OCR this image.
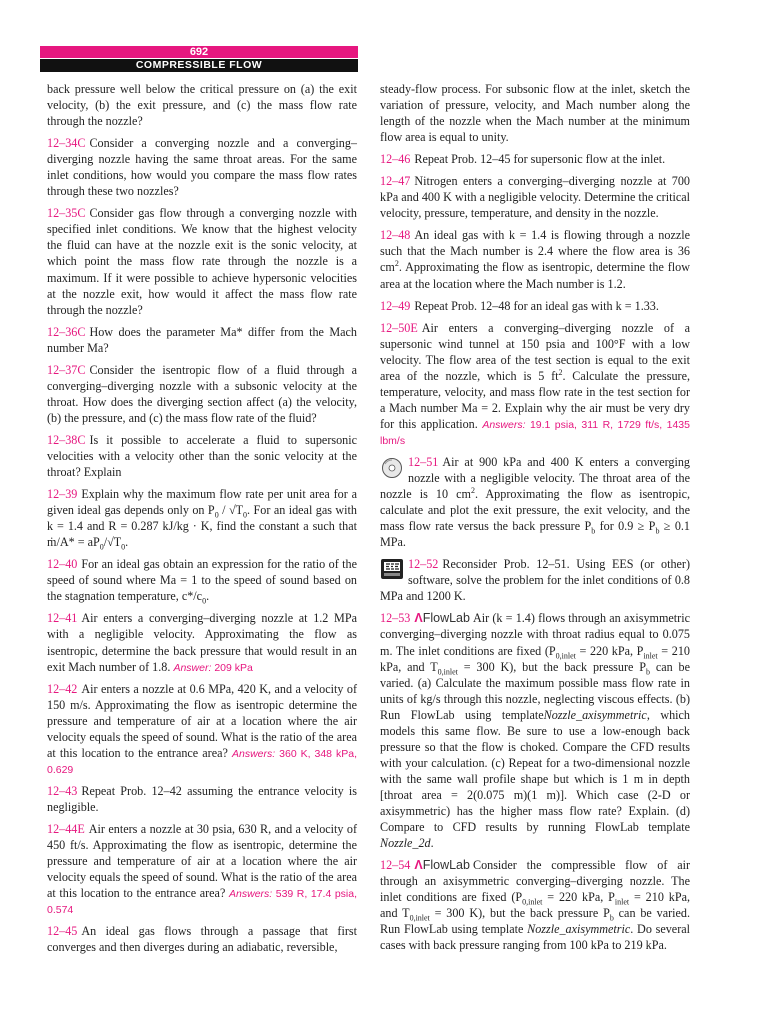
692
COMPRESSIBLE FLOW

back pressure well below the critical pressure on (a) the exit velocity, (b) the exit pressure, and (c) the mass flow rate through the nozzle?

12–34C Consider a converging nozzle and a converging–diverging nozzle having the same throat areas. For the same inlet conditions, how would you compare the mass flow rates through these two nozzles?

12–35C Consider gas flow through a converging nozzle with specified inlet conditions. We know that the highest velocity the fluid can have at the nozzle exit is the sonic velocity, at which point the mass flow rate through the nozzle is a maximum. If it were possible to achieve hypersonic velocities at the nozzle exit, how would it affect the mass flow rate through the nozzle?

12–36C How does the parameter Ma* differ from the Mach number Ma?

12–37C Consider the isentropic flow of a fluid through a converging–diverging nozzle with a subsonic velocity at the throat. How does the diverging section affect (a) the velocity, (b) the pressure, and (c) the mass flow rate of the fluid?

12–38C Is it possible to accelerate a fluid to supersonic velocities with a velocity other than the sonic velocity at the throat? Explain

12–39 Explain why the maximum flow rate per unit area for a given ideal gas depends only on $P_0 / √T_0$. For an ideal gas with k = 1.4 and R = 0.287 kJ/kg · K, find the constant a such that ṁ/A* = $aP_0/√T_0$.

12–40 For an ideal gas obtain an expression for the ratio of the speed of sound where Ma = 1 to the speed of sound based on the stagnation temperature, $c*/c_0$.

12–41 Air enters a converging–diverging nozzle at 1.2 MPa with a negligible velocity. Approximating the flow as isentropic, determine the back pressure that would result in an exit Mach number of 1.8. Answer: 209 kPa

12–42 Air enters a nozzle at 0.6 MPa, 420 K, and a velocity of 150 m/s. Approximating the flow as isentropic determine the pressure and temperature of air at a location where the air velocity equals the speed of sound. What is the ratio of the area at this location to the entrance area? Answers: 360 K, 348 kPa, 0.629

12–43 Repeat Prob. 12–42 assuming the entrance velocity is negligible.

12–44E Air enters a nozzle at 30 psia, 630 R, and a velocity of 450 ft/s. Approximating the flow as isentropic, determine the pressure and temperature of air at a location where the air velocity equals the speed of sound. What is the ratio of the area at this location to the entrance area? Answers: 539 R, 17.4 psia, 0.574

12–45 An ideal gas flows through a passage that first converges and then diverges during an adiabatic, reversible,

steady-flow process. For subsonic flow at the inlet, sketch the variation of pressure, velocity, and Mach number along the length of the nozzle when the Mach number at the minimum flow area is equal to unity.

12–46 Repeat Prob. 12–45 for supersonic flow at the inlet.

12–47 Nitrogen enters a converging–diverging nozzle at 700 kPa and 400 K with a negligible velocity. Determine the critical velocity, pressure, temperature, and density in the nozzle.

12–48 An ideal gas with k = 1.4 is flowing through a nozzle such that the Mach number is 2.4 where the flow area is 36 $cm^2$. Approximating the flow as isentropic, determine the flow area at the location where the Mach number is 1.2.

12–49 Repeat Prob. 12–48 for an ideal gas with k = 1.33.

12–50E Air enters a converging–diverging nozzle of a supersonic wind tunnel at 150 psia and 100°F with a low velocity. The flow area of the test section is equal to the exit area of the nozzle, which is 5 $ft^2$. Calculate the pressure, temperature, velocity, and mass flow rate in the test section for a Mach number Ma = 2. Explain why the air must be very dry for this application. Answers: 19.1 psia, 311 R, 1729 ft/s, 1435 lbm/s

12–51 Air at 900 kPa and 400 K enters a converging nozzle with a negligible velocity. The throat area of the nozzle is 10 $cm^2$. Approximating the flow as isentropic, calculate and plot the exit pressure, the exit velocity, and the mass flow rate versus the back pressure $P_b$ for $0.9 \ge P_b \ge 0.1$ MPa.

12–52 Reconsider Prob. 12–51. Using EES (or other) software, solve the problem for the inlet conditions of 0.8 MPa and 1200 K.

12–53 ΛFlowLab Air (k = 1.4) flows through an axisymmetric converging–diverging nozzle with throat radius equal to 0.075 m. The inlet conditions are fixed ($P_{0,inlet} = 220$ kPa, $P_{inlet} = 210$ kPa, and $T_{0,inlet} = 300$ K), but the back pressure $P_b$ can be varied. (a) Calculate the maximum possible mass flow rate in units of kg/s through this nozzle, neglecting viscous effects. (b) Run FlowLab using templateNozzle_axisymmetric, which models this same flow. Be sure to use a low-enough back pressure so that the flow is choked. Compare the CFD results with your calculation. (c) Repeat for a two-dimensional nozzle with the same wall profile shape but which is 1 m in depth [throat area = 2(0.075 m)(1 m)]. Which case (2-D or axisymmetric) has the higher mass flow rate? Explain. (d) Compare to CFD results by running FlowLab template Nozzle_2d.

12–54 ΛFlowLab Consider the compressible flow of air through an axisymmetric converging–diverging nozzle. The inlet conditions are fixed ($P_{0,inlet} = 220$ kPa, $P_{inlet} = 210$ kPa, and $T_{0,inlet} = 300$ K), but the back pressure $P_b$ can be varied. Run FlowLab using template Nozzle_axisymmetric. Do several cases with back pressure ranging from 100 kPa to 219 kPa.
